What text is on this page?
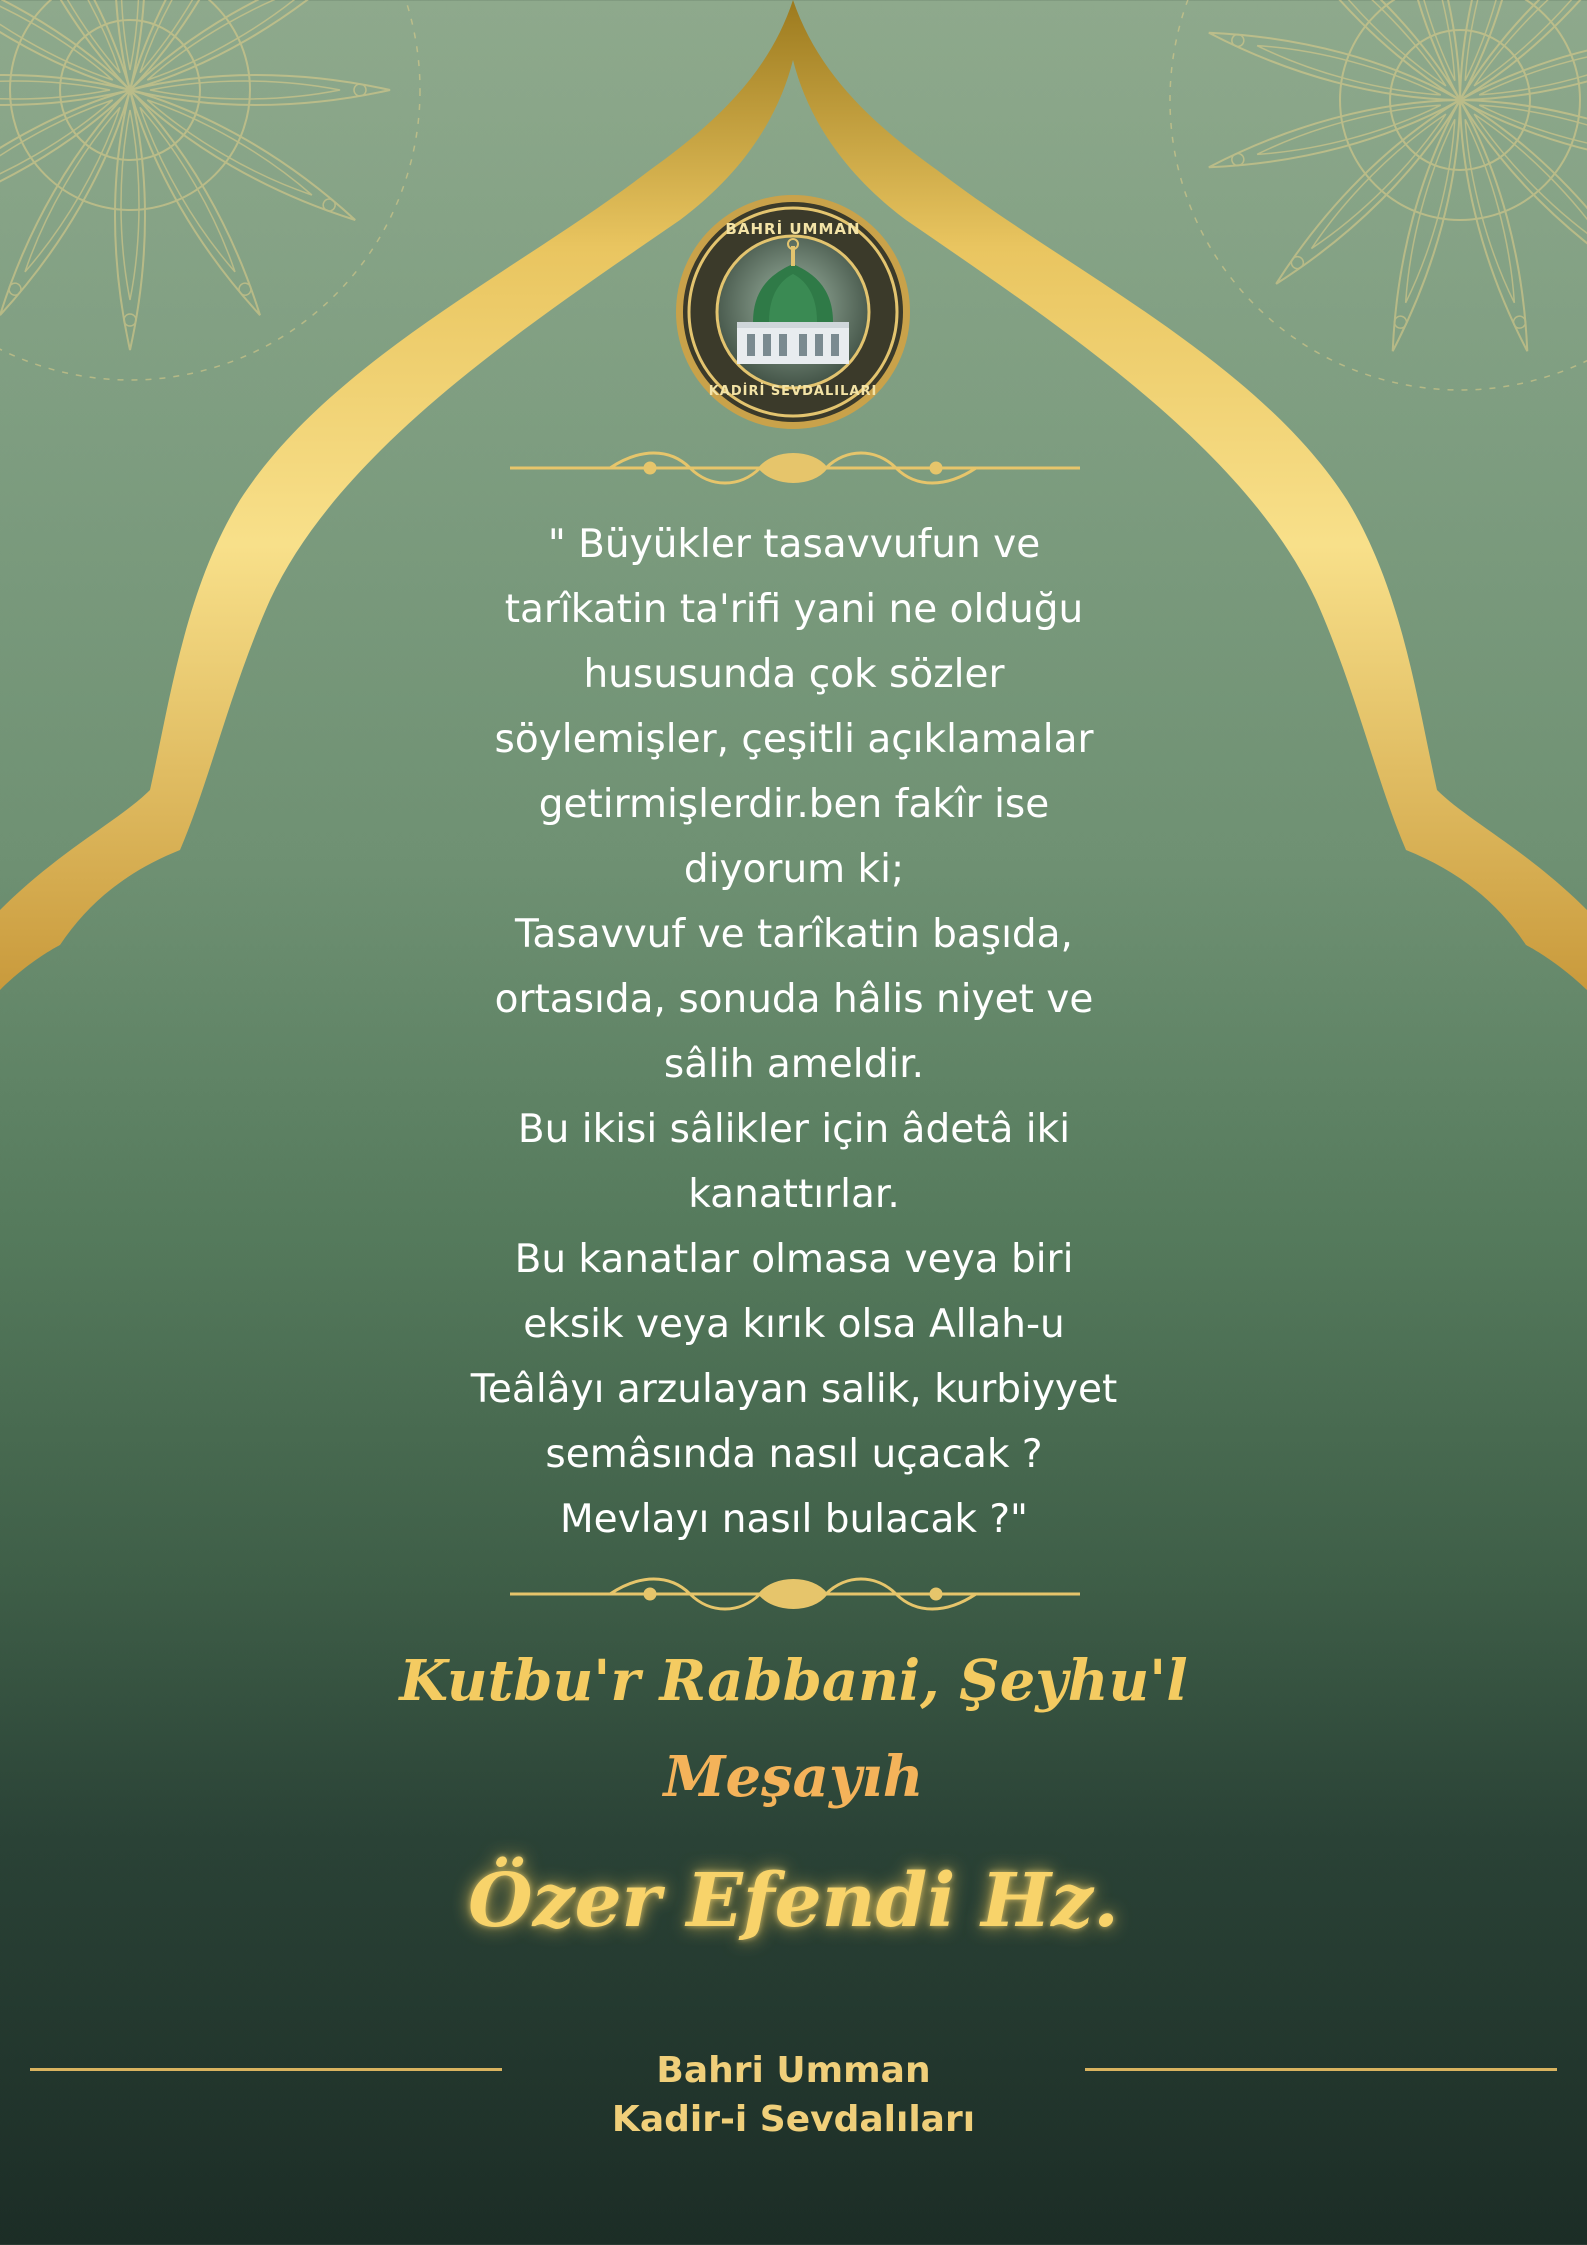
BAHRİ UMMAN
KADİRİ SEVDALILARI
" Büyükler tasavvufun ve
tarîkatin ta'rifi yani ne olduğu
hususunda çok sözler
söylemişler, çeşitli açıklamalar
getirmişlerdir.ben fakîr ise
diyorum ki;
Tasavvuf ve tarîkatin başıda,
ortasıda, sonuda hâlis niyet ve
sâlih ameldir.
Bu ikisi sâlikler için âdetâ iki
kanattırlar.
Bu kanatlar olmasa veya biri
eksik veya kırık olsa Allah-u
Teâlâyı arzulayan salik, kurbiyyet
semâsında nasıl uçacak ?
Mevlayı nasıl bulacak ?"
Kutbu'r Rabbani, Şeyhu'l
Meşayıh
Özer Efendi Hz.
Bahri Umman
Kadir-i Sevdalıları
